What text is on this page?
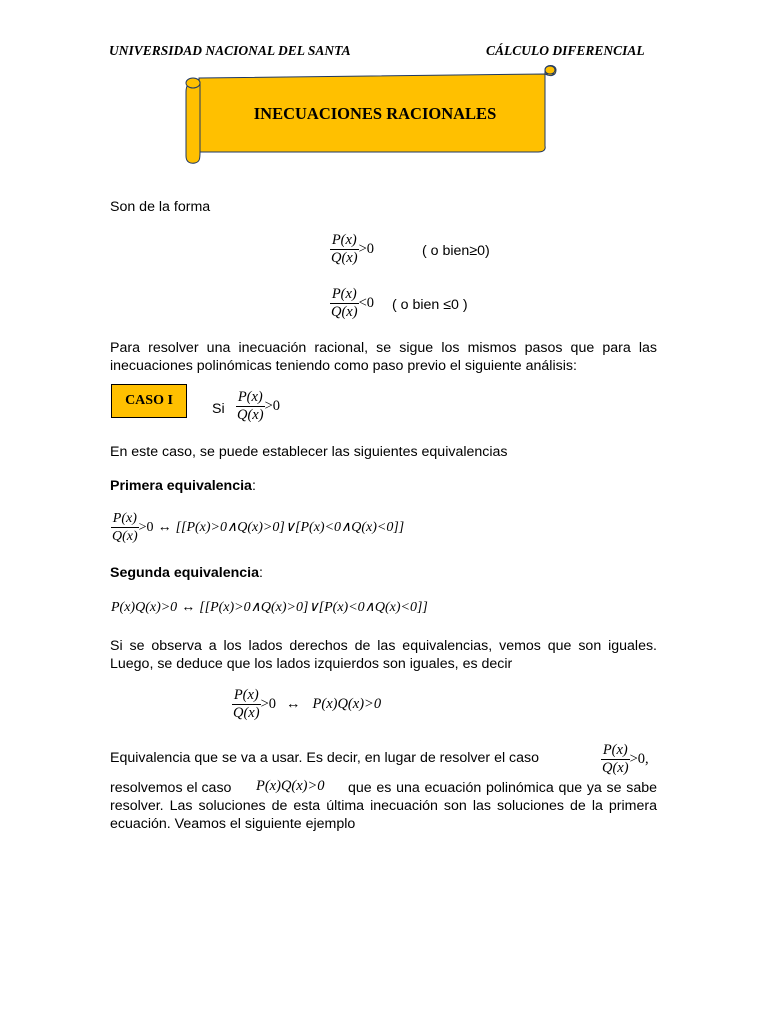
UNIVERSIDAD NACIONAL DEL SANTA	CÁLCULO DIFERENCIAL
INECUACIONES RACIONALES
Son de la forma
$\frac{P(x)}{Q(x)} >0$	( o bien≥0)
$\frac{P(x)}{Q(x)} <0$ ( o bien ≤0 )
Para resolver una inecuación racional, se sigue los mismos pasos que para las inecuaciones polinómicas teniendo como paso previo el siguiente análisis:
CASO I
Si $\frac{P(x)}{Q(x)} >0$
En este caso, se puede establecer las siguientes equivalencias
Primera equivalencia:
$\frac{P(x)}{Q(x)} >0$ ↔ [[P(x)>0∧Q(x)>0]∨[P(x)<0∧Q(x)<0]]
Segunda equivalencia:
P(x)Q(x)>0 ↔ [[P(x)>0∧Q(x)>0]∨[P(x)<0∧Q(x)<0]]
Si se observa a los lados derechos de las equivalencias, vemos que son iguales. Luego, se deduce que los lados izquierdos son iguales, es decir
$\frac{P(x)}{Q(x)} >0$ ↔ P(x)Q(x)>0
Equivalencia que se va a usar. Es decir, en lugar de resolver el caso	$\frac{P(x)}{Q(x)} >0$,
resolvemos el caso P(x)Q(x)>0	que es una ecuación polinómica que ya se sabe resolver. Las soluciones de esta última inecuación son las soluciones de la primera ecuación. Veamos el siguiente ejemplo
